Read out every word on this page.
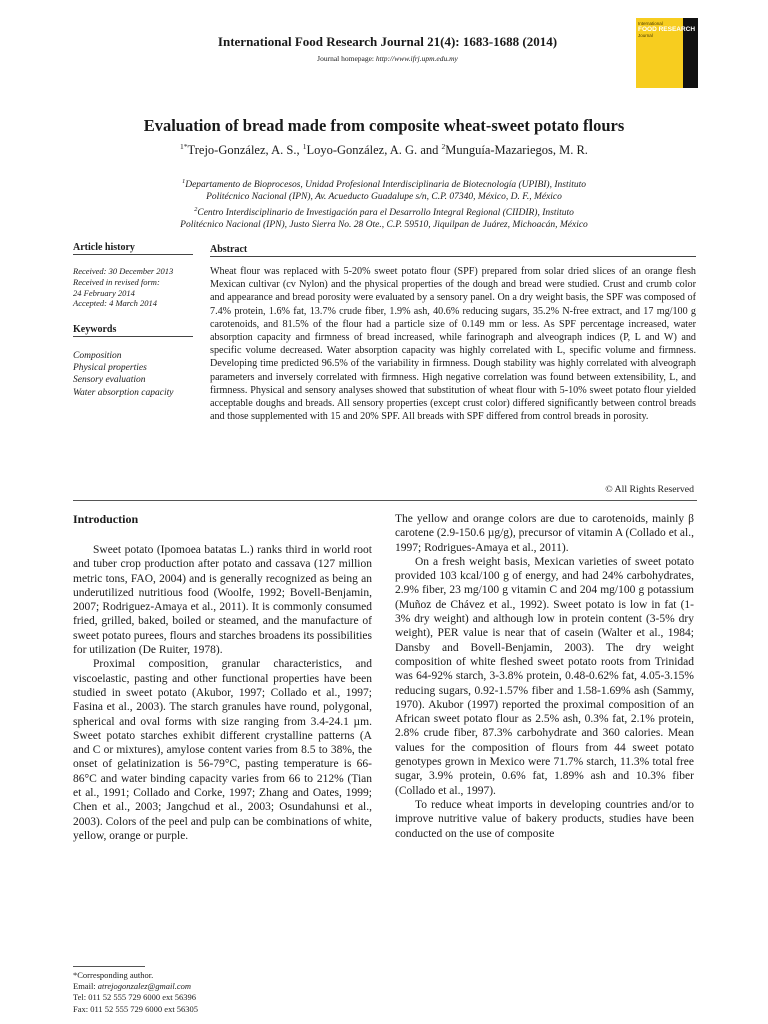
International Food Research Journal 21(4): 1683-1688 (2014)
Journal homepage: http://www.ifrj.upm.edu.my
International
FOOD RESEARCH
Journal
Evaluation of bread made from composite wheat-sweet potato flours
$^{1*}$Trejo-González, A. S., $^1$Loyo-González, A. G. and $^2$Munguía-Mazariegos, M. R.
$^1$Departamento de Bioprocesos, Unidad Profesional Interdisciplinaria de Biotecnología (UPIBI), Instituto
Politécnico Nacional (IPN), Av. Acueducto Guadalupe s/n, C.P. 07340, México, D. F., México
$^2$Centro Interdisciplinario de Investigación para el Desarrollo Integral Regional (CIIDIR), Instituto
Politécnico Nacional (IPN), Justo Sierra No. 28 Ote., C.P. 59510, Jiquilpan de Juárez, Michoacán, México
Article history
Received: 30 December 2013
Received in revised form:
24 February 2014
Accepted: 4 March 2014
Keywords
Composition
Physical properties
Sensory evaluation
Water absorption capacity
Abstract

Wheat flour was replaced with 5-20% sweet potato flour (SPF) prepared from solar dried slices of an orange flesh Mexican cultivar (cv Nylon) and the physical properties of the dough and bread were studied. Crust and crumb color and appearance and bread porosity were evaluated by a sensory panel. On a dry weight basis, the SPF was composed of 7.4% protein, 1.6% fat, 13.7% crude fiber, 1.9% ash, 40.6% reducing sugars, 35.2% N-free extract, and 17 mg/100 g carotenoids, and 81.5% of the flour had a particle size of 0.149 mm or less. As SPF percentage increased, water absorption capacity and firmness of bread increased, while farinograph and alveograph indices (P, L and W) and specific volume decreased. Water absorption capacity was highly correlated with L, specific volume and firmness. Developing time predicted 96.5% of the variability in firmness. Dough stability was highly correlated with alveograph parameters and inversely correlated with firmness. High negative correlation was found between extensibility, L, and firmness. Physical and sensory analyses showed that substitution of wheat flour with 5-10% sweet potato flour yielded acceptable doughs and breads. All sensory properties (except crust color) differed significantly between control breads and those supplemented with 15 and 20% SPF. All breads with SPF differed from control breads in porosity.

© All Rights Reserved
Introduction

Sweet potato (Ipomoea batatas L.) ranks third in world root and tuber crop production after potato and cassava (127 million metric tons, FAO, 2004) and is generally recognized as being an underutilized nutritious food (Woolfe, 1992; Bovell-Benjamin, 2007; Rodriguez-Amaya et al., 2011). It is commonly consumed fried, grilled, baked, boiled or steamed, and the manufacture of sweet potato purees, flours and starches broadens its possibilities for utilization (De Ruiter, 1978).

Proximal composition, granular characteristics, and viscoelastic, pasting and other functional properties have been studied in sweet potato (Akubor, 1997; Collado et al., 1997; Fasina et al., 2003). The starch granules have round, polygonal, spherical and oval forms with size ranging from 3.4-24.1 µm. Sweet potato starches exhibit different crystalline patterns (A and C or mixtures), amylose content varies from 8.5 to 38%, the onset of gelatinization is 56-79°C, pasting temperature is 66-86°C and water binding capacity varies from 66 to 212% (Tian et al., 1991; Collado and Corke, 1997; Zhang and Oates, 1999; Chen et al., 2003; Jangchud et al., 2003; Osundahunsi et al., 2003). Colors of the peel and pulp can be combinations of white, yellow, orange or purple.

The yellow and orange colors are due to carotenoids, mainly β carotene (2.9-150.6 µg/g), precursor of vitamin A (Collado et al., 1997; Rodrigues-Amaya et al., 2011).

On a fresh weight basis, Mexican varieties of sweet potato provided 103 kcal/100 g of energy, and had 24% carbohydrates, 2.9% fiber, 23 mg/100 g vitamin C and 204 mg/100 g potassium (Muñoz de Chávez et al., 1992). Sweet potato is low in fat (1-3% dry weight) and although low in protein content (3-5% dry weight), PER value is near that of casein (Walter et al., 1984; Dansby and Bovell-Benjamin, 2003). The dry weight composition of white fleshed sweet potato roots from Trinidad was 64-92% starch, 3-3.8% protein, 0.48-0.62% fat, 4.05-3.15% reducing sugars, 0.92-1.57% fiber and 1.58-1.69% ash (Sammy, 1970). Akubor (1997) reported the proximal composition of an African sweet potato flour as 2.5% ash, 0.3% fat, 2.1% protein, 2.8% crude fiber, 87.3% carbohydrate and 360 calories. Mean values for the composition of flours from 44 sweet potato genotypes grown in Mexico were 71.7% starch, 11.3% total free sugar, 3.9% protein, 0.6% fat, 1.89% ash and 10.3% fiber (Collado et al., 1997).

To reduce wheat imports in developing countries and/or to improve nutritive value of bakery products, studies have been conducted on the use of composite

*Corresponding author.
Email: atrejogonzalez@gmail.com
Tel: 011 52 555 729 6000 ext 56396
Fax: 011 52 555 729 6000 ext 56305
